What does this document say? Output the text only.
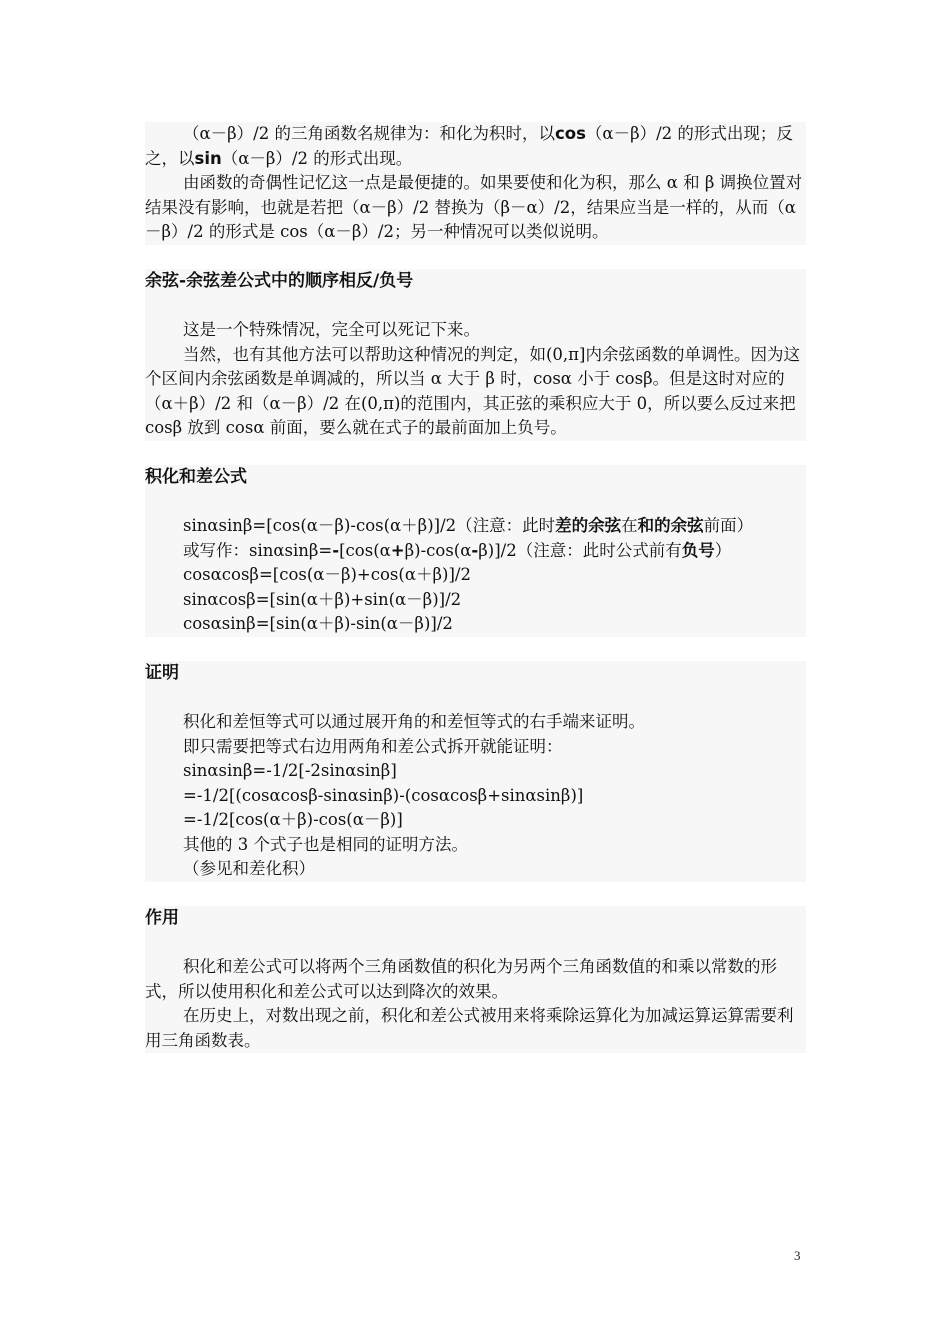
（α－β）/2 的三角函数名规律为：和化为积时，以cos（α－β）/2 的形式出现；反之，以sin（α－β）/2 的形式出现。

由函数的奇偶性记忆这一点是最便捷的。如果要使和化为积，那么 α 和 β 调换位置对结果没有影响，也就是若把（α－β）/2 替换为（β－α）/2，结果应当是一样的，从而（α－β）/2 的形式是 cos（α－β）/2；另一种情况可以类似说明。

余弦-余弦差公式中的顺序相反/负号

这是一个特殊情况，完全可以死记下来。

当然，也有其他方法可以帮助这种情况的判定，如(0,π]内余弦函数的单调性。因为这个区间内余弦函数是单调减的，所以当 α 大于 β 时，cosα 小于 cosβ。但是这时对应的（α＋β）/2 和（α－β）/2 在(0,π)的范围内，其正弦的乘积应大于 0，所以要么反过来把 cosβ 放到 cosα 前面，要么就在式子的最前面加上负号。

积化和差公式

sinαsinβ=[cos(α－β)-cos(α＋β)]/2（注意：此时差的余弦在和的余弦前面）

或写作：sinαsinβ=-[cos(α+β)-cos(α-β)]/2（注意：此时公式前有负号）

cosαcosβ=[cos(α－β)+cos(α＋β)]/2

sinαcosβ=[sin(α＋β)+sin(α－β)]/2

cosαsinβ=[sin(α＋β)-sin(α－β)]/2

证明

积化和差恒等式可以通过展开角的和差恒等式的右手端来证明。

即只需要把等式右边用两角和差公式拆开就能证明：

sinαsinβ=-1/2[-2sinαsinβ]

=-1/2[(cosαcosβ-sinαsinβ)-(cosαcosβ+sinαsinβ)]

=-1/2[cos(α＋β)-cos(α－β)]

其他的 3 个式子也是相同的证明方法。

（参见和差化积）

作用

积化和差公式可以将两个三角函数值的积化为另两个三角函数值的和乘以常数的形式，所以使用积化和差公式可以达到降次的效果。

在历史上，对数出现之前，积化和差公式被用来将乘除运算化为加减运算运算需要利用三角函数表。

3
